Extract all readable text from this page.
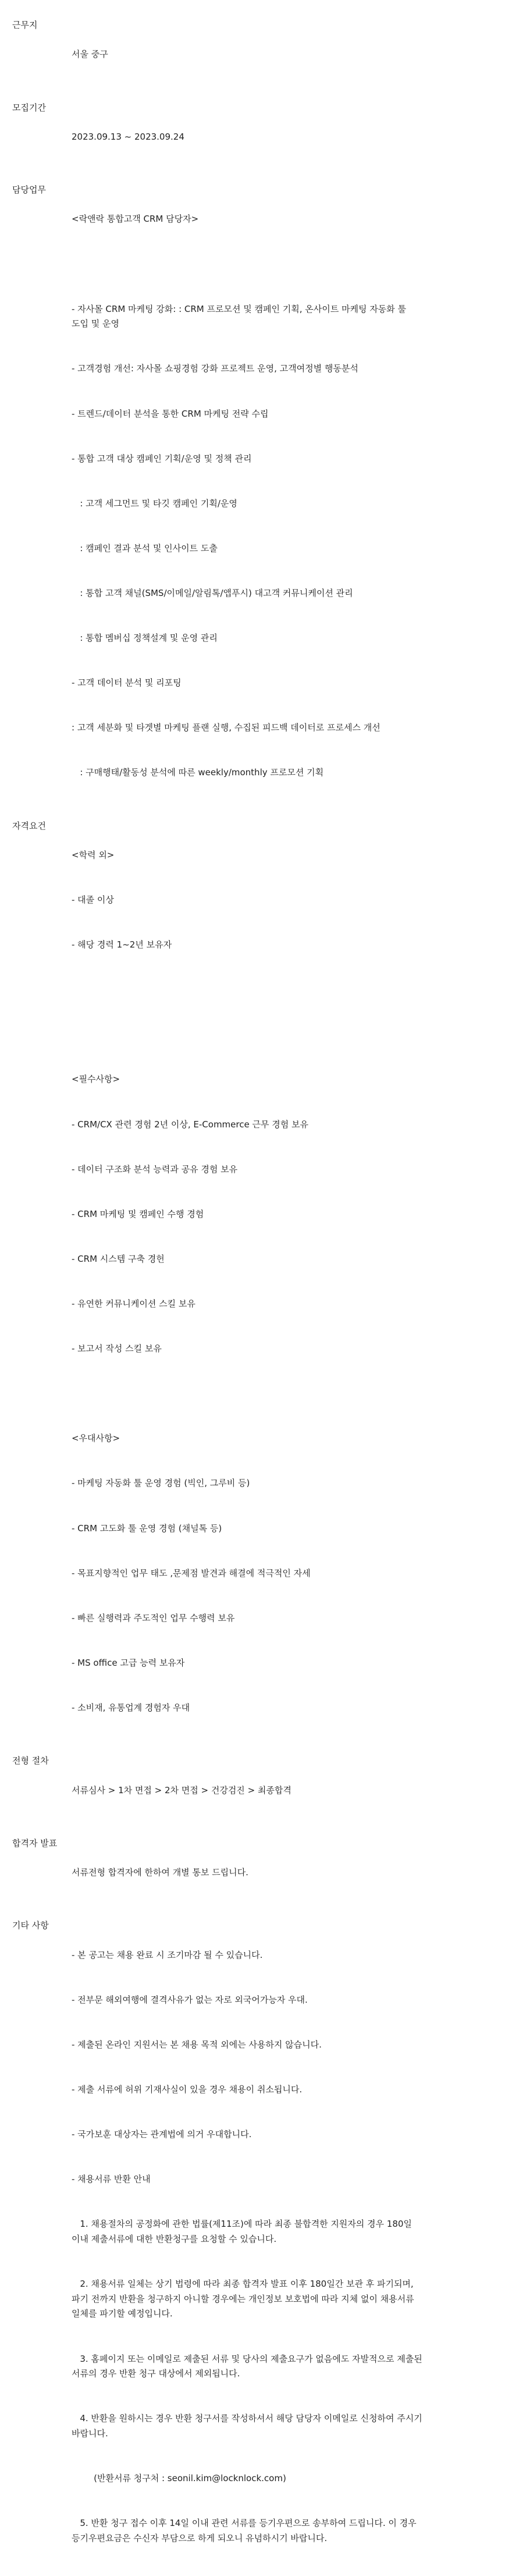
근무지

서울 중구

모집기간

2023.09.13 ~ 2023.09.24

담당업무

<락앤락 통합고객 CRM 담당자>

- 자사몰 CRM 마케팅 강화: : CRM 프로모션 및 캠페인 기획, 온사이트 마케팅 자동화 툴 도입 및 운영

- 고객경험 개선: 자사몰 쇼핑경험 강화 프로젝트 운영, 고객여정별 행동분석

- 트렌드/데이터 분석을 통한 CRM 마케팅 전략 수립

- 통합 고객 대상 캠페인 기획/운영 및 정책 관리

: 고객 세그먼트 및 타깃 캠페인 기획/운영

: 캠페인 결과 분석 및 인사이트 도출

: 통합 고객 채널(SMS/이메일/알림톡/앱푸시) 대고객 커뮤니케이션 관리

: 통합 멤버십 정책설계 및 운영 관리

- 고객 데이터 분석 및 리포팅

: 고객 세분화 및 타겟별 마케팅 플랜 실행, 수집된 피드백 데이터로 프로세스 개선

: 구매행태/활동성 분석에 따른 weekly/monthly 프로모션 기획

자격요건

<학력 외>

- 대졸 이상

- 해당 경력 1~2년 보유자

<필수사항>

- CRM/CX 관련 경험 2년 이상, E-Commerce 근무 경험 보유

- 데이터 구조화 분석 능력과 공유 경험 보유

- CRM 마케팅 및 캠페인 수행 경험

- CRM 시스템 구축 경헌

- 유연한 커뮤니케이션 스킬 보유

- 보고서 작성 스킬 보유

<우대사항>

- 마케팅 자동화 툴 운영 경험 (빅인, 그루비 등)

- CRM 고도화 툴 운영 경험 (채널톡 등)

- 목표지향적인 업무 태도 ,문제점 발견과 해결에 적극적인 자세

- 빠른 실행력과 주도적인 업무 수행력 보유

- MS office 고급 능력 보유자

- 소비재, 유통업계 경험자 우대

전형 절차

서류심사 > 1차 면접 > 2차 면접 > 건강검진 > 최종합격

합격자 발표

서류전형 합격자에 한하여 개별 통보 드립니다.

기타 사항

- 본 공고는 채용 완료 시 조기마감 될 수 있습니다.

- 전부문 해외여행에 결격사유가 없는 자로 외국어가능자 우대.

- 제출된 온라인 지원서는 본 채용 목적 외에는 사용하지 않습니다.

- 제출 서류에 허위 기재사실이 있을 경우 채용이 취소됩니다.

- 국가보훈 대상자는 관계법에 의거 우대합니다.

- 채용서류 반환 안내

1. 채용절차의 공정화에 관한 법률(제11조)에 따라 최종 불합격한 지원자의 경우 180일 이내 제출서류에 대한 반환청구를 요청할 수 있습니다.

2. 채용서류 일체는 상기 법령에 따라 최종 합격자 발표 이후 180일간 보관 후 파기되며, 파기 전까지 반환을 청구하지 아니할 경우에는 개인정보 보호법에 따라 지체 없이 채용서류 일체를 파기할 예정입니다.

3. 홈페이지 또는 이메일로 제출된 서류 및 당사의 제출요구가 없음에도 자발적으로 제출된 서류의 경우 반환 청구 대상에서 제외됩니다.

4. 반환을 원하시는 경우 반환 청구서를 작성하셔서 해당 담당자 이메일로 신청하여 주시기 바랍니다.

(반환서류 청구처 : seonil.kim@locknlock.com)

5. 반환 청구 접수 이후 14일 이내 관련 서류를 등기우편으로 송부하여 드립니다. 이 경우 등기우편요금은 수신자 부담으로 하게 되오니 유념하시기 바랍니다.
